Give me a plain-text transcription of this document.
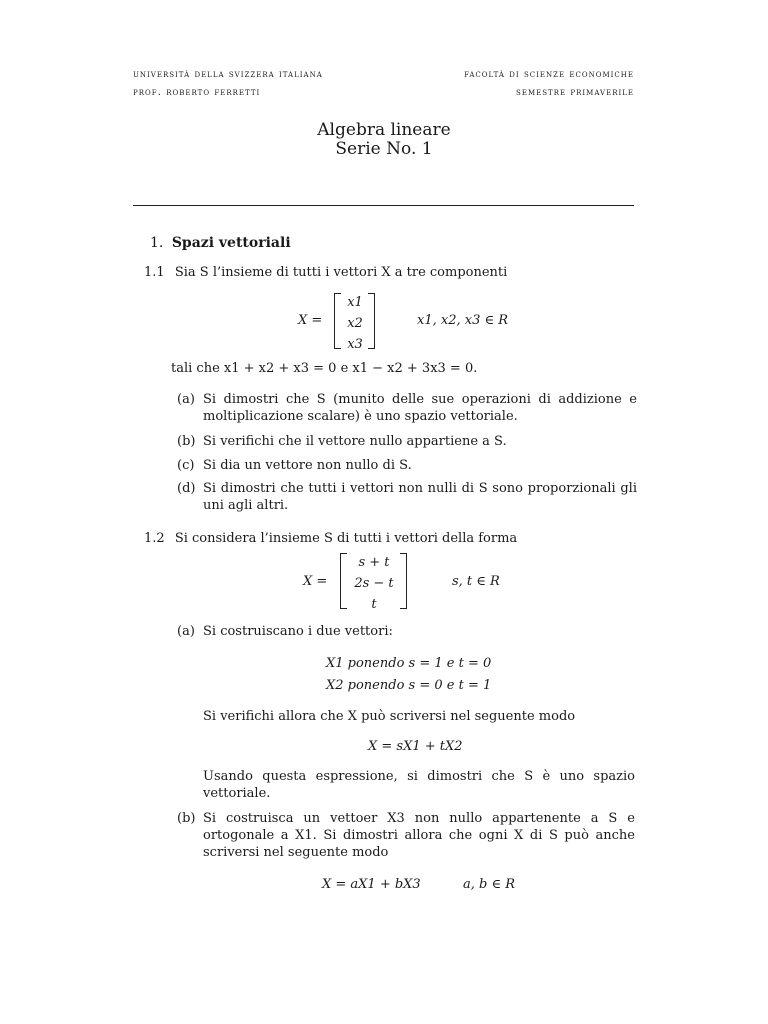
università della svizzera italiana
prof. roberto ferretti
facoltà di scienze economiche
semestre primaverile
Algebra lineare
Serie No. 1
1. Spazi vettoriali
1.1 Sia S l’insieme di tutti i vettori X a tre componenti
X =
x1
x2
x3
x1, x2, x3 ∈ R
tali che x1 + x2 + x3 = 0 e x1 − x2 + 3x3 = 0.
(a) Si dimostri che S (munito delle sue operazioni di addizione e moltiplicazione scalare) è uno spazio vettoriale.
(b) Si verifichi che il vettore nullo appartiene a S.
(c) Si dia un vettore non nullo di S.
(d) Si dimostri che tutti i vettori non nulli di S sono proporzionali gli uni agli altri.
1.2 Si considera l’insieme S di tutti i vettori della forma
X =
s + t
2s − t
t
s, t ∈ R
(a) Si costruiscano i due vettori:
X1 ponendo s = 1 e t = 0
X2 ponendo s = 0 e t = 1
Si verifichi allora che X può scriversi nel seguente modo
X = sX1 + tX2
Usando questa espressione, si dimostri che S è uno spazio vettoriale.
(b) Si costruisca un vettoer X3 non nullo appartenente a S e ortogonale a X1. Si dimostri allora che ogni X di S può anche scriversi nel seguente modo
X = aX1 + bX3	a, b ∈ R
